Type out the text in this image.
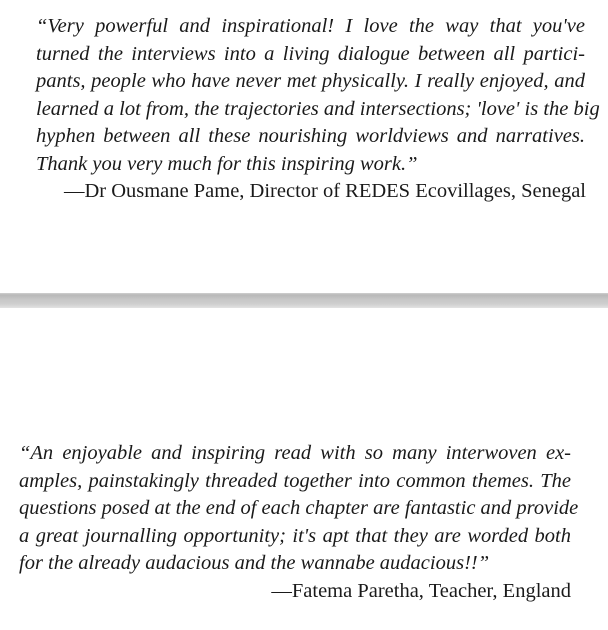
“Very powerful and inspirational! I love the way that you've
turned the interviews into a living dialogue between all partici-
pants, people who have never met physically. I really enjoyed, and
learned a lot from, the trajectories and intersections; 'love' is the big
hyphen between all these nourishing worldviews and narratives.
Thank you very much for this inspiring work.”
—Dr Ousmane Pame, Director of REDES Ecovillages, Senegal
“An enjoyable and inspiring read with so many interwoven ex-
amples, painstakingly threaded together into common themes. The
questions posed at the end of each chapter are fantastic and provide
a great journalling opportunity; it's apt that they are worded both
for the already audacious and the wannabe audacious!!”
—Fatema Paretha, Teacher, England
